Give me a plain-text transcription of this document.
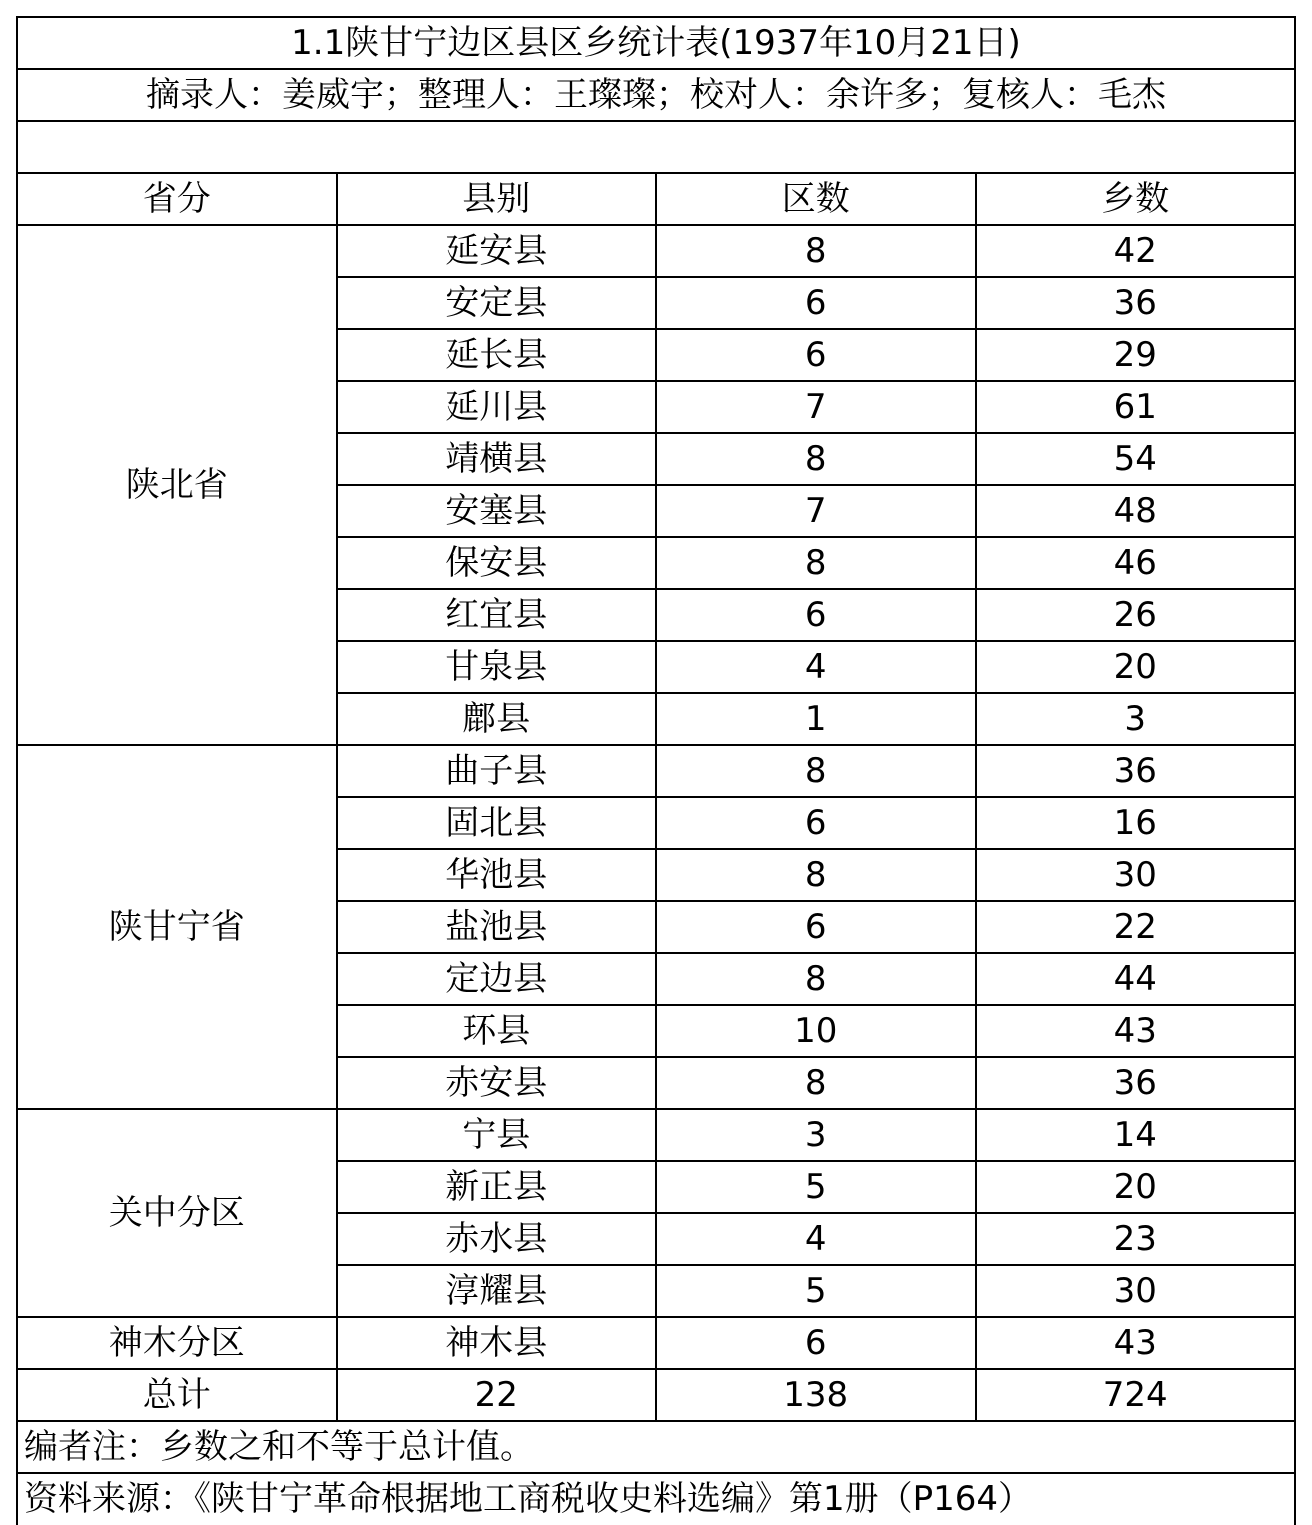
1.1陕甘宁边区县区乡统计表(1937年10月21日)			
摘录人：姜威宇；整理人：王璨璨；校对人：余许多；复核人：毛杰			

省分	县别	区数	乡数
陕北省	延安县	8	42
	安定县	6	36
	延长县	6	29
	延川县	7	61
	靖横县	8	54
	安塞县	7	48
	保安县	8	46
	红宜县	6	26
	甘泉县	4	20
	鄜县	1	3
陕甘宁省	曲子县	8	36
	固北县	6	16
	华池县	8	30
	盐池县	6	22
	定边县	8	44
	环县	10	43
	赤安县	8	36
关中分区	宁县	3	14
	新正县	5	20
	赤水县	4	23
	淳耀县	5	30
神木分区	神木县	6	43
总计	22	138	724
编者注：乡数之和不等于总计值。			
资料来源：《陕甘宁革命根据地工商税收史料选编》第1册（P164）			
